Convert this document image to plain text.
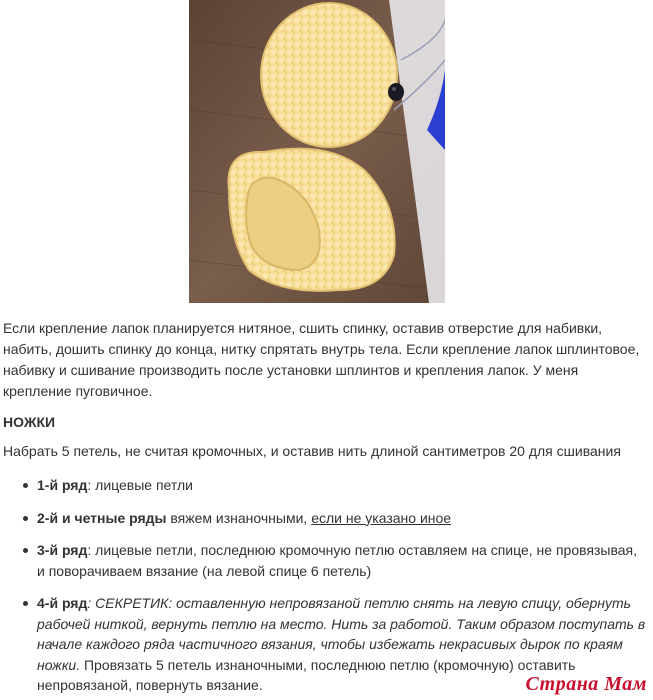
Если крепление лапок планируется нитяное, сшить спинку, оставив отверстие для набивки, набить, дошить спинку до конца, нитку спрятать внутрь тела. Если крепление лапок шплинтовое, набивку и сшивание производить после установки шплинтов и крепления лапок. У меня крепление пуговичное.

НОЖКИ

Набрать 5 петель, не считая кромочных, и оставив нить длиной сантиметров 20 для сшивания

1-й ряд: лицевые петли
2-й и четные ряды вяжем изнаночными, если не указано иное
3-й ряд: лицевые петли, последнюю кромочную петлю оставляем на спице, не провязывая, и поворачиваем вязание (на левой спице 6 петель)
4-й ряд: СЕКРЕТИК: оставленную непровязаной петлю снять на левую спицу, обернуть рабочей ниткой, вернуть петлю на место. Нить за работой. Таким образом поступать в начале каждого ряда частичного вязания, чтобы избежать некрасивых дырок по краям ножки. Провязать 5 петель изнаночными, последнюю петлю (кромочную) оставить непровязаной, повернуть вязание.	Страна Мам
